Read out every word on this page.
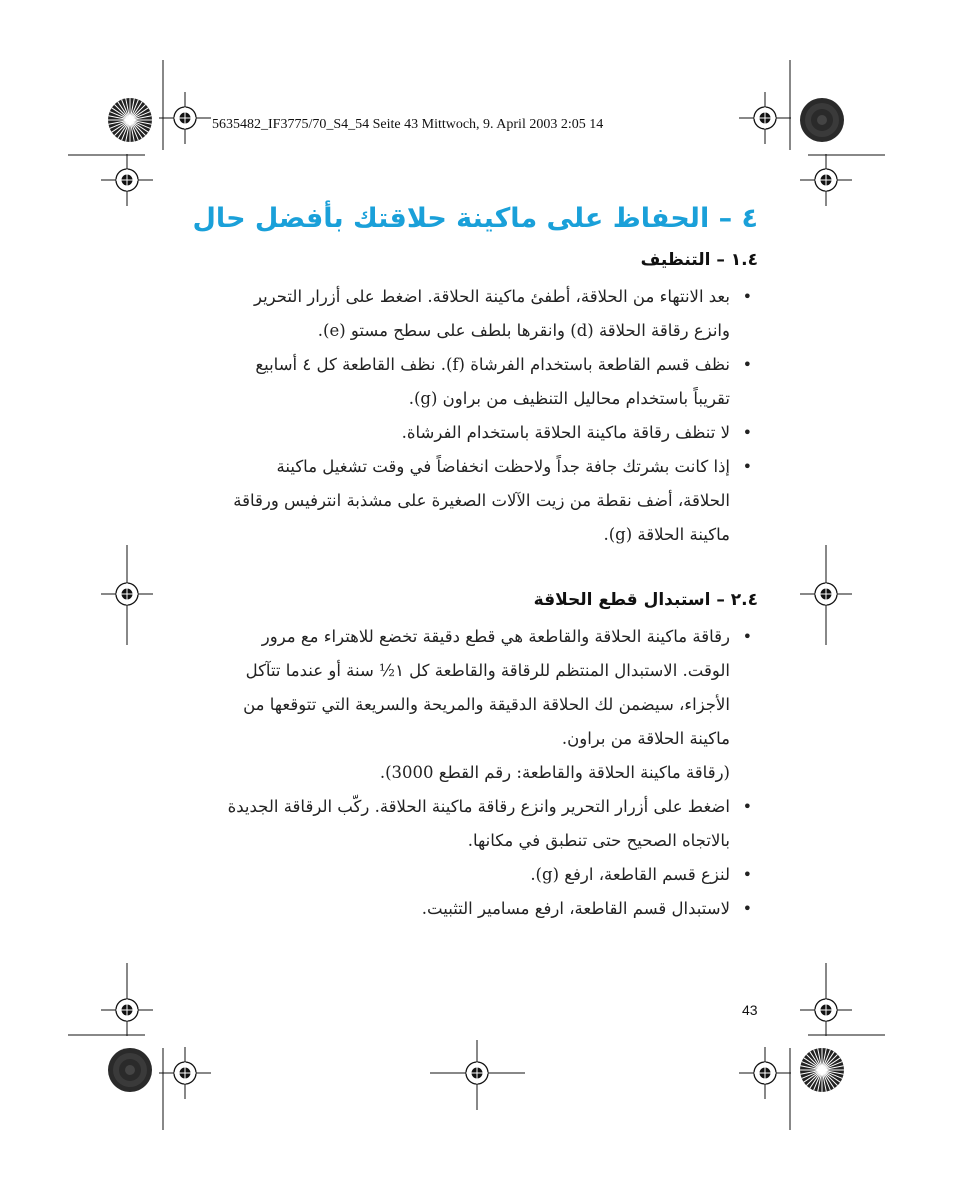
5635482_IF3775/70_S4_54 Seite 43 Mittwoch, 9. April 2003 2:05 14
٤ – الحفاظ على ماكينة حلاقتك بأفضل حال
١.٤ – التنظيف
• بعد الانتهاء من الحلاقة، أطفئ ماكينة الحلاقة. اضغط على أزرار التحرير
وانزع رقاقة الحلاقة (d) وانقرها بلطف على سطح مستو (e).
• نظف قسم القاطعة باستخدام الفرشاة (f). نظف القاطعة كل ٤ أسابيع
تقريباً باستخدام محاليل التنظيف من براون (g).
• لا تنظف رقاقة ماكينة الحلاقة باستخدام الفرشاة.
• إذا كانت بشرتك جافة جداً ولاحظت انخفاضاً في وقت تشغيل ماكينة
الحلاقة، أضف نقطة من زيت الآلات الصغيرة على مشذبة انترفيس ورقاقة
ماكينة الحلاقة (g).
٢.٤ – استبدال قطع الحلاقة
• رقاقة ماكينة الحلاقة والقاطعة هي قطع دقيقة تخضع للاهتراء مع مرور
الوقت. الاستبدال المنتظم للرقاقة والقاطعة كل ١½ سنة أو عندما تتآكل
الأجزاء، سيضمن لك الحلاقة الدقيقة والمريحة والسريعة التي تتوقعها من
ماكينة الحلاقة من براون.
(رقاقة ماكينة الحلاقة والقاطعة: رقم القطع 3000).
• اضغط على أزرار التحرير وانزع رقاقة ماكينة الحلاقة. ركّب الرقاقة الجديدة
بالاتجاه الصحيح حتى تنطبق في مكانها.
• لنزع قسم القاطعة، ارفع (g).
• لاستبدال قسم القاطعة، ارفع مسامير التثبيت.
43
